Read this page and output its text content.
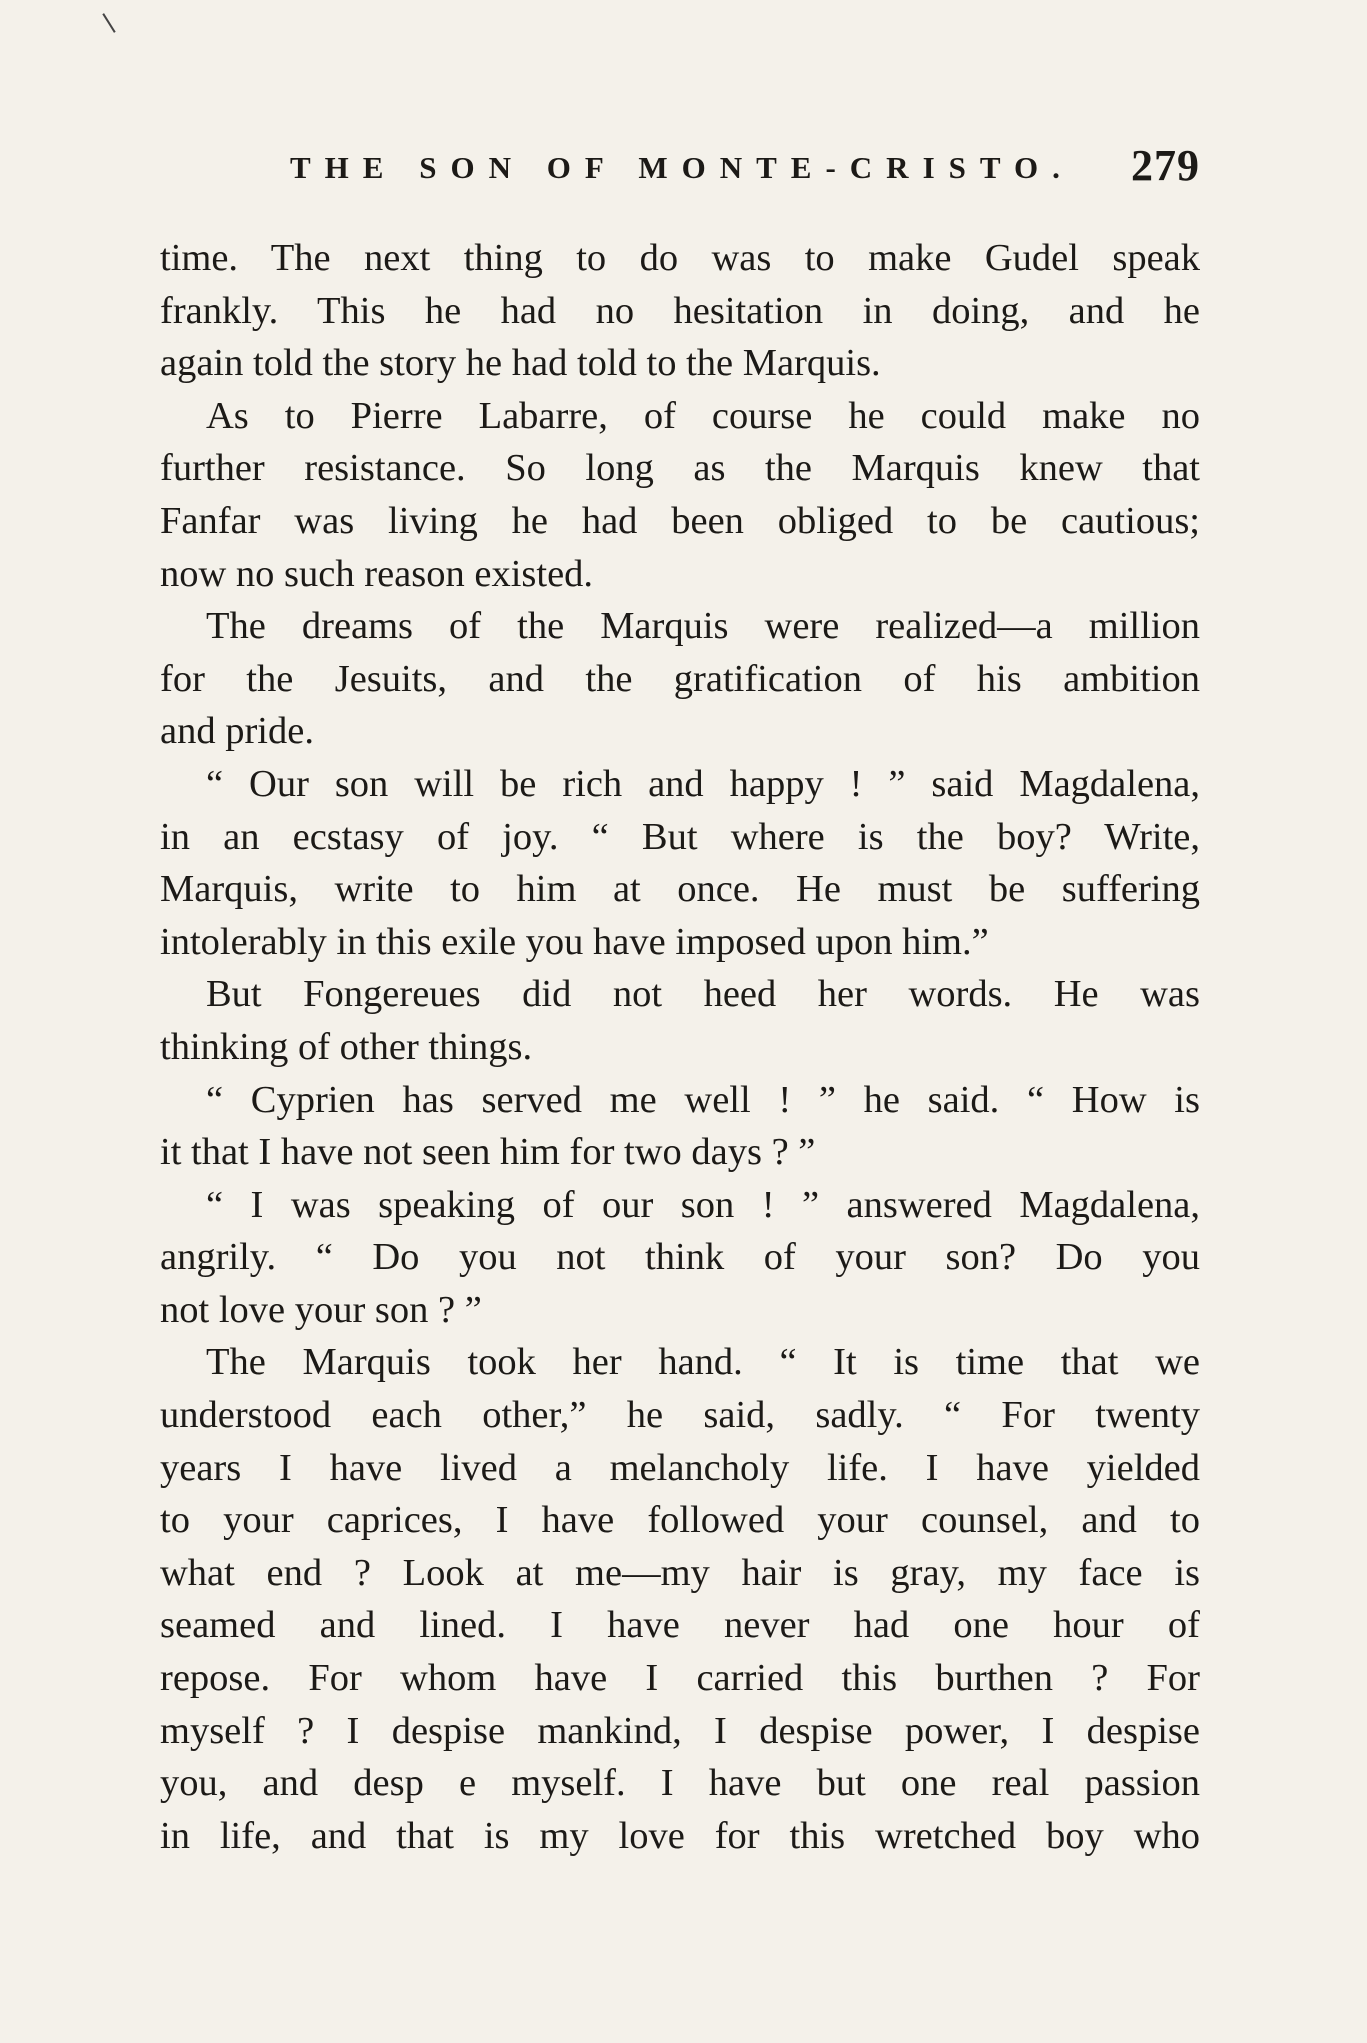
THE SON OF MONTE-CRISTO. 279
time. The next thing to do was to make Gudel speak
frankly. This he had no hesitation in doing, and he
again told the story he had told to the Marquis.
As to Pierre Labarre, of course he could make no
further resistance. So long as the Marquis knew that
Fanfar was living he had been obliged to be cautious;
now no such reason existed.
The dreams of the Marquis were realized—a million
for the Jesuits, and the gratification of his ambition
and pride.
“ Our son will be rich and happy ! ” said Magdalena,
in an ecstasy of joy. “ But where is the boy? Write,
Marquis, write to him at once. He must be suffering
intolerably in this exile you have imposed upon him.”
But Fongereues did not heed her words. He was
thinking of other things.
“ Cyprien has served me well ! ” he said. “ How is
it that I have not seen him for two days ? ”
“ I was speaking of our son ! ” answered Magdalena,
angrily. “ Do you not think of your son? Do you
not love your son ? ”
The Marquis took her hand. “ It is time that we
understood each other,” he said, sadly. “ For twenty
years I have lived a melancholy life. I have yielded
to your caprices, I have followed your counsel, and to
what end ? Look at me—my hair is gray, my face is
seamed and lined. I have never had one hour of
repose. For whom have I carried this burthen ? For
myself ? I despise mankind, I despise power, I despise
you, and desp e myself. I have but one real passion
in life, and that is my love for this wretched boy who
